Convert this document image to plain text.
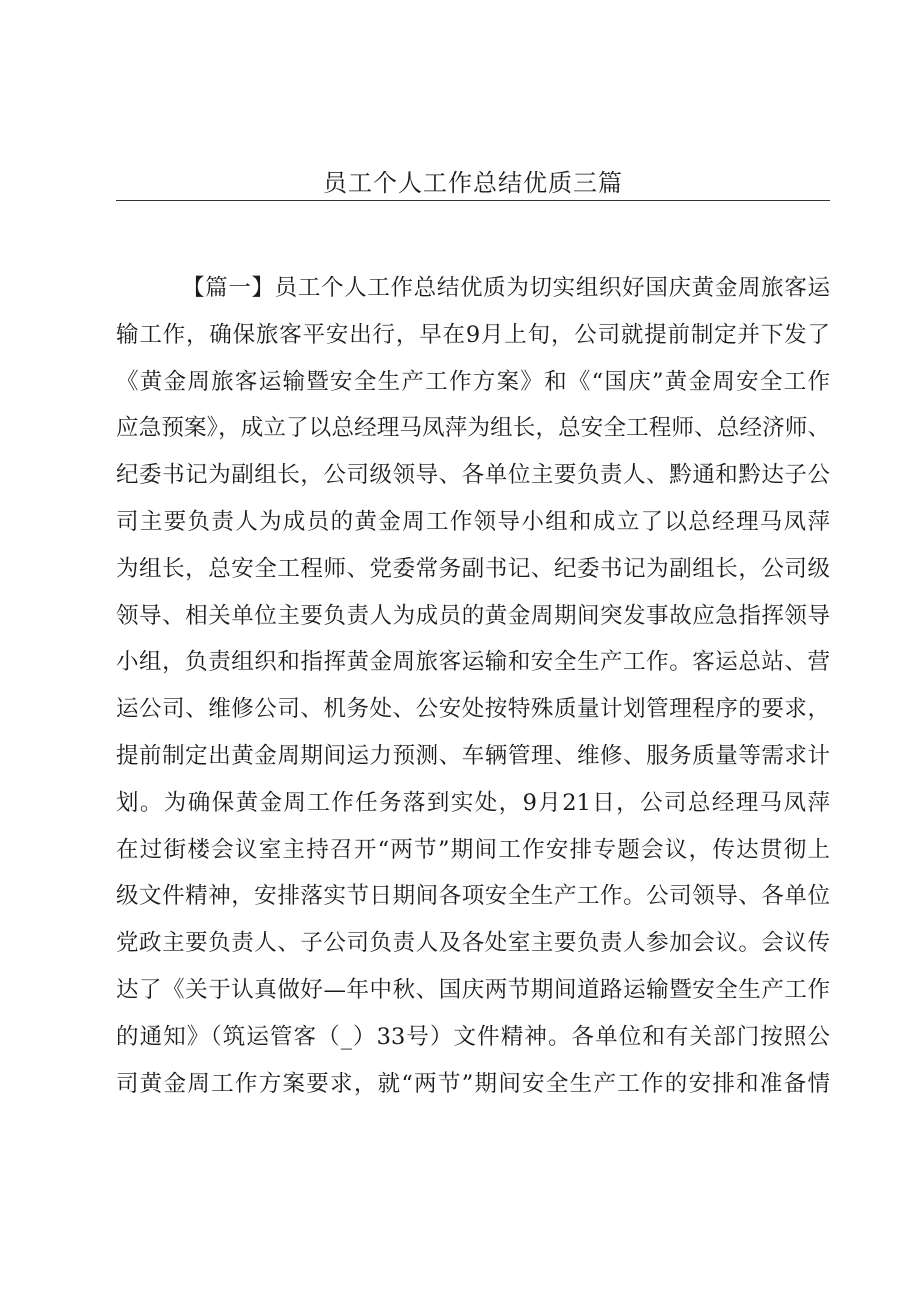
员工个人工作总结优质三篇
【篇一】员工个人工作总结优质为切实组织好国庆黄金周旅客运
输工作，确保旅客平安出行，早在9月上旬，公司就提前制定并下发了
《黄金周旅客运输暨安全生产工作方案》和《“国庆”黄金周安全工作
应急预案》，成立了以总经理马凤萍为组长，总安全工程师、总经济师、
纪委书记为副组长，公司级领导、各单位主要负责人、黔通和黔达子公
司主要负责人为成员的黄金周工作领导小组和成立了以总经理马凤萍
为组长，总安全工程师、党委常务副书记、纪委书记为副组长，公司级
领导、相关单位主要负责人为成员的黄金周期间突发事故应急指挥领导
小组，负责组织和指挥黄金周旅客运输和安全生产工作。客运总站、营
运公司、维修公司、机务处、公安处按特殊质量计划管理程序的要求，
提前制定出黄金周期间运力预测、车辆管理、维修、服务质量等需求计
划。为确保黄金周工作任务落到实处，9月21日，公司总经理马凤萍
在过街楼会议室主持召开“两节”期间工作安排专题会议，传达贯彻上
级文件精神，安排落实节日期间各项安全生产工作。公司领导、各单位
党政主要负责人、子公司负责人及各处室主要负责人参加会议。会议传
达了《关于认真做好—年中秋、国庆两节期间道路运输暨安全生产工作
的通知》（筑运管客（_）33号）文件精神。各单位和有关部门按照公
司黄金周工作方案要求，就“两节”期间安全生产工作的安排和准备情
